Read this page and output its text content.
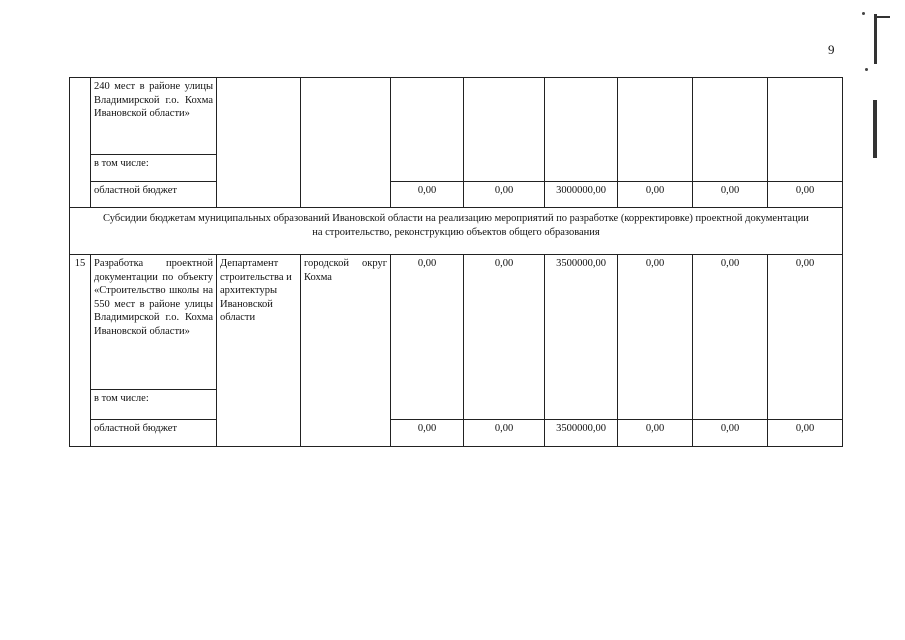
9
	240 мест в районе улицы Владимирской г.о. Кохма Ивановской области»								
	в том числе:								
	областной бюджет			0,00	0,00	3000000,00	0,00	0,00	0,00
Субсидии бюджетам муниципальных образований Ивановской области на реализацию мероприятий по разработке (корректировке) проектной документации на строительство, реконструкцию объектов общего образования									
15	Разработка проектной документации по объекту «Строительство школы на 550 мест в районе улицы Владимирской г.о. Кохма Ивановской области»	Департамент строительства и архитектуры Ивановской области	городской округ Кохма	0,00	0,00	3500000,00	0,00	0,00	0,00
	в том числе:								
	областной бюджет			0,00	0,00	3500000,00	0,00	0,00	0,00
